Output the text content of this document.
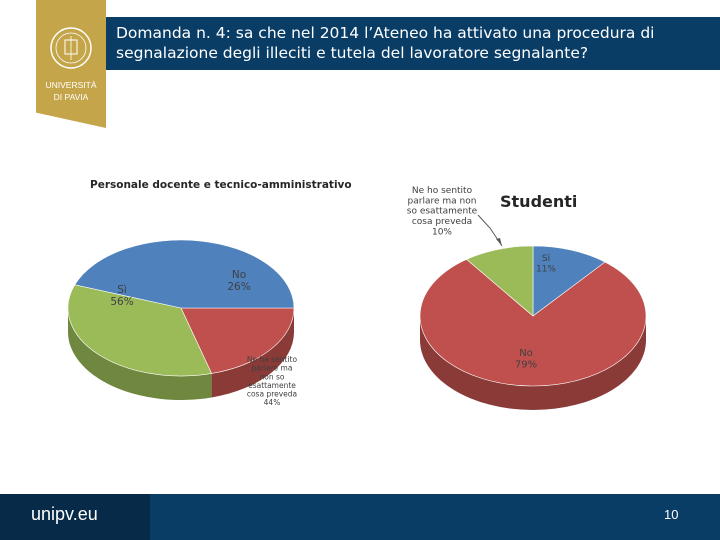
UNIVERSITÀ
DI PAVIA
Domanda n. 4: sa che nel 2014 l’Ateneo ha attivato una procedura di segnalazione degli illeciti e tutela del lavoratore segnalante?
Personale docente e tecnico-amministrativo
No 26%
Ne ha sentito parlare ma non so esattamente cosa preveda 44%
Sì 56%
Studenti
Sì 11%
No 79%
Ne ho sentito parlare ma non so esattamente cosa preveda 10%
unipv.eu	10
